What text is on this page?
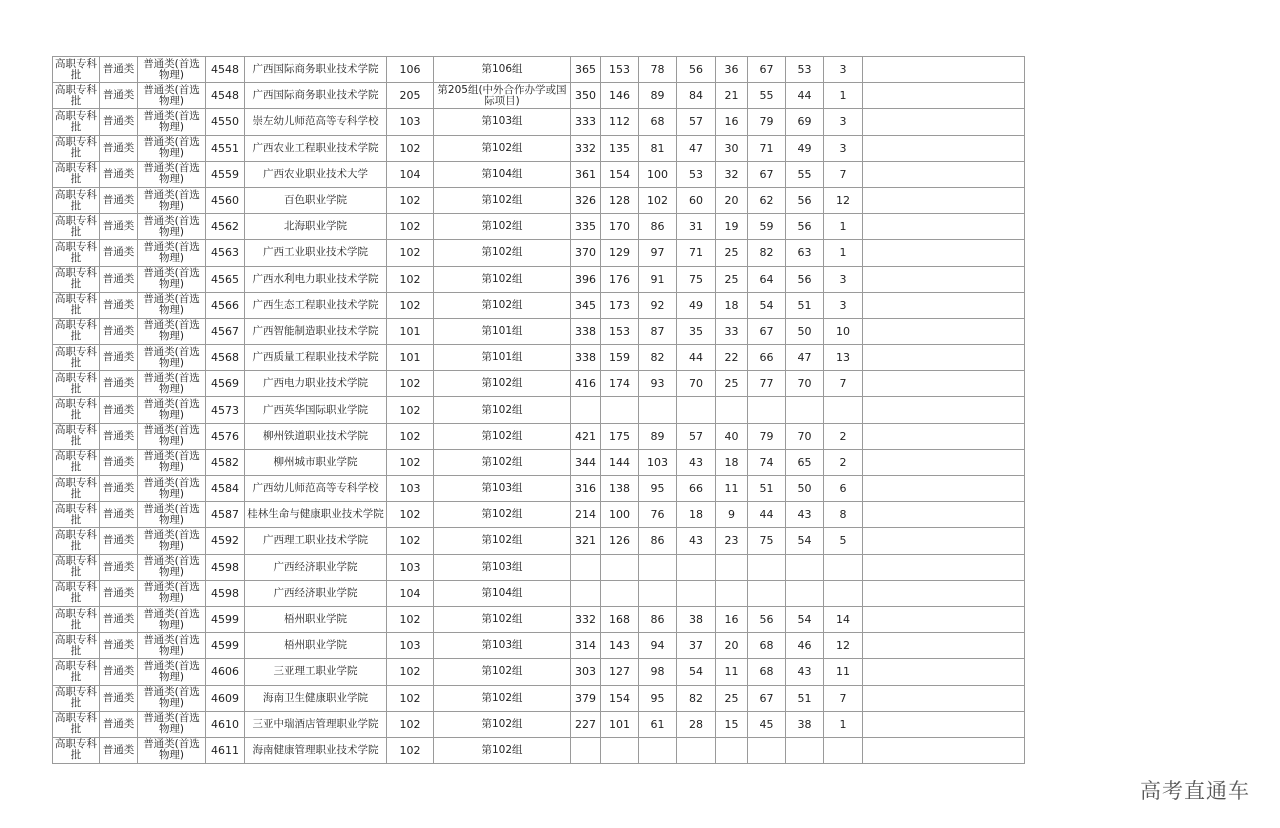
高职专科批	普通类	普通类(首选物理)	4548	广西国际商务职业技术学院	106	第106组	365	153	78	56	36	67	53	3	
高职专科批	普通类	普通类(首选物理)	4548	广西国际商务职业技术学院	205	第205组(中外合作办学或国际项目)	350	146	89	84	21	55	44	1	
高职专科批	普通类	普通类(首选物理)	4550	崇左幼儿师范高等专科学校	103	第103组	333	112	68	57	16	79	69	3	
高职专科批	普通类	普通类(首选物理)	4551	广西农业工程职业技术学院	102	第102组	332	135	81	47	30	71	49	3	
高职专科批	普通类	普通类(首选物理)	4559	广西农业职业技术大学	104	第104组	361	154	100	53	32	67	55	7	
高职专科批	普通类	普通类(首选物理)	4560	百色职业学院	102	第102组	326	128	102	60	20	62	56	12	
高职专科批	普通类	普通类(首选物理)	4562	北海职业学院	102	第102组	335	170	86	31	19	59	56	1	
高职专科批	普通类	普通类(首选物理)	4563	广西工业职业技术学院	102	第102组	370	129	97	71	25	82	63	1	
高职专科批	普通类	普通类(首选物理)	4565	广西水利电力职业技术学院	102	第102组	396	176	91	75	25	64	56	3	
高职专科批	普通类	普通类(首选物理)	4566	广西生态工程职业技术学院	102	第102组	345	173	92	49	18	54	51	3	
高职专科批	普通类	普通类(首选物理)	4567	广西智能制造职业技术学院	101	第101组	338	153	87	35	33	67	50	10	
高职专科批	普通类	普通类(首选物理)	4568	广西质量工程职业技术学院	101	第101组	338	159	82	44	22	66	47	13	
高职专科批	普通类	普通类(首选物理)	4569	广西电力职业技术学院	102	第102组	416	174	93	70	25	77	70	7	
高职专科批	普通类	普通类(首选物理)	4573	广西英华国际职业学院	102	第102组									
高职专科批	普通类	普通类(首选物理)	4576	柳州铁道职业技术学院	102	第102组	421	175	89	57	40	79	70	2	
高职专科批	普通类	普通类(首选物理)	4582	柳州城市职业学院	102	第102组	344	144	103	43	18	74	65	2	
高职专科批	普通类	普通类(首选物理)	4584	广西幼儿师范高等专科学校	103	第103组	316	138	95	66	11	51	50	6	
高职专科批	普通类	普通类(首选物理)	4587	桂林生命与健康职业技术学院	102	第102组	214	100	76	18	9	44	43	8	
高职专科批	普通类	普通类(首选物理)	4592	广西理工职业技术学院	102	第102组	321	126	86	43	23	75	54	5	
高职专科批	普通类	普通类(首选物理)	4598	广西经济职业学院	103	第103组									
高职专科批	普通类	普通类(首选物理)	4598	广西经济职业学院	104	第104组									
高职专科批	普通类	普通类(首选物理)	4599	梧州职业学院	102	第102组	332	168	86	38	16	56	54	14	
高职专科批	普通类	普通类(首选物理)	4599	梧州职业学院	103	第103组	314	143	94	37	20	68	46	12	
高职专科批	普通类	普通类(首选物理)	4606	三亚理工职业学院	102	第102组	303	127	98	54	11	68	43	11	
高职专科批	普通类	普通类(首选物理)	4609	海南卫生健康职业学院	102	第102组	379	154	95	82	25	67	51	7	
高职专科批	普通类	普通类(首选物理)	4610	三亚中瑞酒店管理职业学院	102	第102组	227	101	61	28	15	45	38	1	
高职专科批	普通类	普通类(首选物理)	4611	海南健康管理职业技术学院	102	第102组									
高考直通车
